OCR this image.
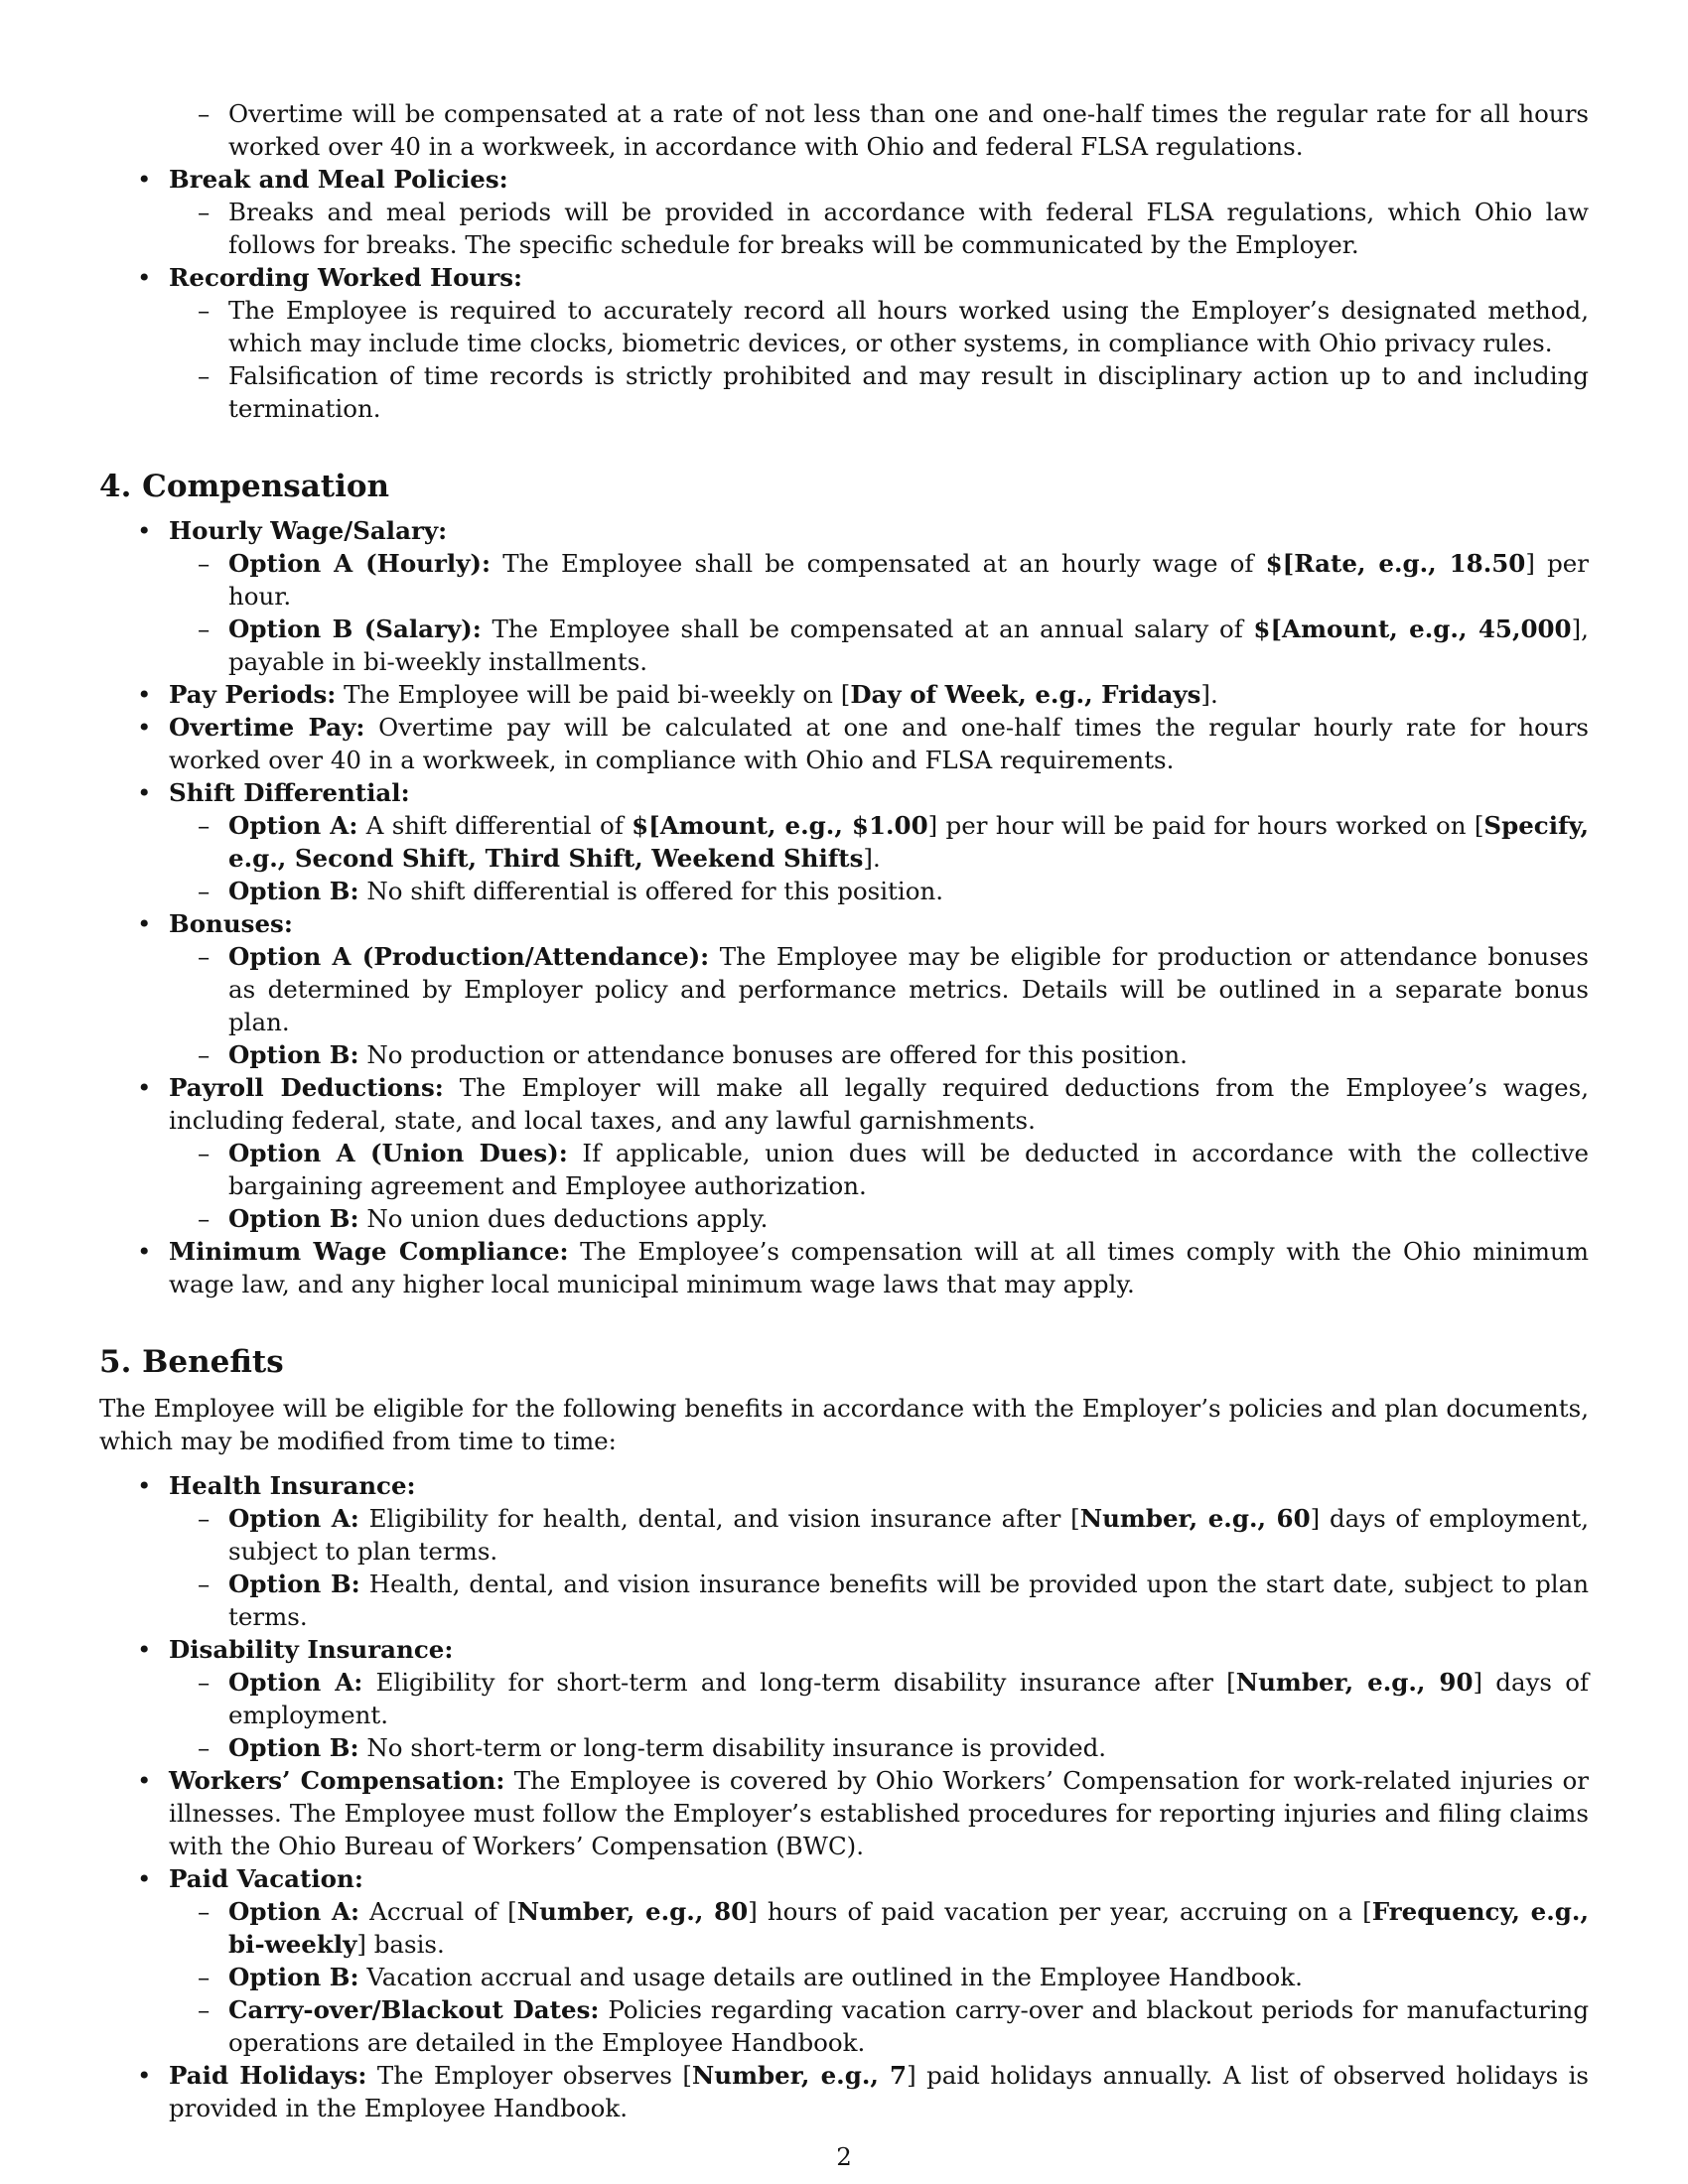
– Overtime will be compensated at a rate of not less than one and one-half times the regular rate for all hours worked over 40 in a workweek, in accordance with Ohio and federal FLSA regulations.
• Break and Meal Policies:
– Breaks and meal periods will be provided in accordance with federal FLSA regulations, which Ohio law follows for breaks. The specific schedule for breaks will be communicated by the Employer.
• Recording Worked Hours:
– The Employee is required to accurately record all hours worked using the Employer’s designated method, which may include time clocks, biometric devices, or other systems, in compliance with Ohio privacy rules.
– Falsification of time records is strictly prohibited and may result in disciplinary action up to and including termination.
4. Compensation
• Hourly Wage/Salary:
– Option A (Hourly): The Employee shall be compensated at an hourly wage of $[Rate, e.g., 18.50] per hour.
– Option B (Salary): The Employee shall be compensated at an annual salary of $[Amount, e.g., 45,000], payable in bi-weekly installments.
• Pay Periods: The Employee will be paid bi-weekly on [Day of Week, e.g., Fridays].
• Overtime Pay: Overtime pay will be calculated at one and one-half times the regular hourly rate for hours worked over 40 in a workweek, in compliance with Ohio and FLSA requirements.
• Shift Differential:
– Option A: A shift differential of $[Amount, e.g., $1.00] per hour will be paid for hours worked on [Specify, e.g., Second Shift, Third Shift, Weekend Shifts].
– Option B: No shift differential is offered for this position.
• Bonuses:
– Option A (Production/Attendance): The Employee may be eligible for production or attendance bonuses as determined by Employer policy and performance metrics. Details will be outlined in a separate bonus plan.
– Option B: No production or attendance bonuses are offered for this position.
• Payroll Deductions: The Employer will make all legally required deductions from the Employee’s wages, including federal, state, and local taxes, and any lawful garnishments.
– Option A (Union Dues): If applicable, union dues will be deducted in accordance with the collective bargaining agreement and Employee authorization.
– Option B: No union dues deductions apply.
• Minimum Wage Compliance: The Employee’s compensation will at all times comply with the Ohio minimum wage law, and any higher local municipal minimum wage laws that may apply.
5. Benefits

The Employee will be eligible for the following benefits in accordance with the Employer’s policies and plan documents, which may be modified from time to time:

• Health Insurance:
– Option A: Eligibility for health, dental, and vision insurance after [Number, e.g., 60] days of employment, subject to plan terms.
– Option B: Health, dental, and vision insurance benefits will be provided upon the start date, subject to plan terms.
• Disability Insurance:
– Option A: Eligibility for short-term and long-term disability insurance after [Number, e.g., 90] days of employment.
– Option B: No short-term or long-term disability insurance is provided.
• Workers’ Compensation: The Employee is covered by Ohio Workers’ Compensation for work-related injuries or illnesses. The Employee must follow the Employer’s established procedures for reporting injuries and filing claims with the Ohio Bureau of Workers’ Compensation (BWC).
• Paid Vacation:
– Option A: Accrual of [Number, e.g., 80] hours of paid vacation per year, accruing on a [Frequency, e.g., bi-weekly] basis.
– Option B: Vacation accrual and usage details are outlined in the Employee Handbook.
– Carry-over/Blackout Dates: Policies regarding vacation carry-over and blackout periods for manufacturing operations are detailed in the Employee Handbook.
• Paid Holidays: The Employer observes [Number, e.g., 7] paid holidays annually. A list of observed holidays is provided in the Employee Handbook.
2
